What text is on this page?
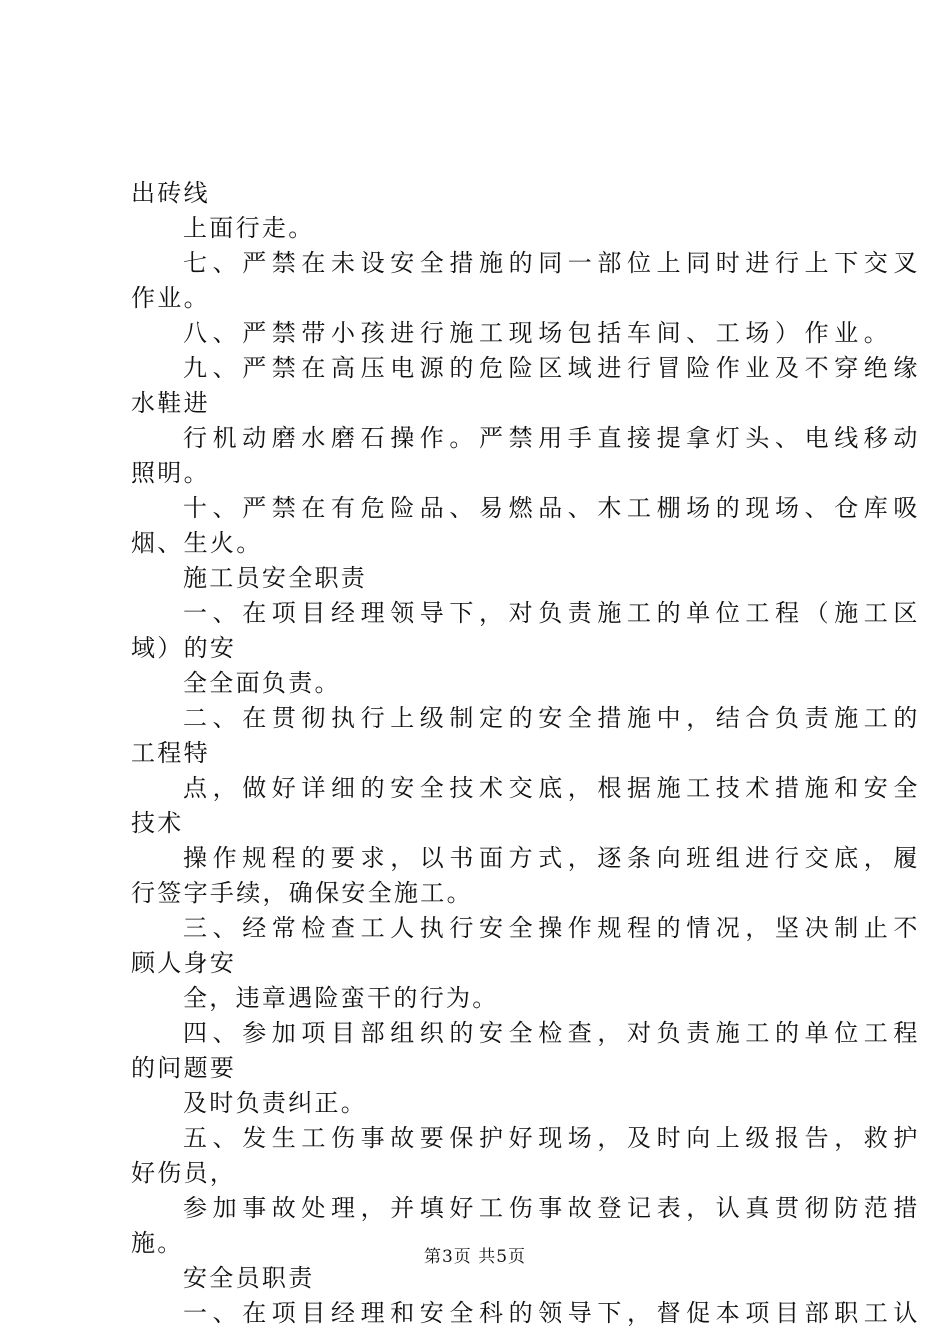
出砖线
上面行走。
七、严禁在未设安全措施的同一部位上同时进行上下交叉
作业。
八、严禁带小孩进行施工现场包括车间、工场）作业。
九、严禁在高压电源的危险区域进行冒险作业及不穿绝缘
水鞋进
行机动磨水磨石操作。严禁用手直接提拿灯头、电线移动
照明。
十、严禁在有危险品、易燃品、木工棚场的现场、仓库吸
烟、生火。
施工员安全职责
一、在项目经理领导下，对负责施工的单位工程（施工区
域）的安
全全面负责。
二、在贯彻执行上级制定的安全措施中，结合负责施工的
工程特
点，做好详细的安全技术交底，根据施工技术措施和安全
技术
操作规程的要求，以书面方式，逐条向班组进行交底，履
行签字手续，确保安全施工。
三、经常检查工人执行安全操作规程的情况，坚决制止不
顾人身安
全，违章遇险蛮干的行为。
四、参加项目部组织的安全检查，对负责施工的单位工程
的问题要
及时负责纠正。
五、发生工伤事故要保护好现场，及时向上级报告，救护
好伤员，
参加事故处理，并填好工伤事故登记表，认真贯彻防范措
施。
安全员职责
一、在项目经理和安全科的领导下，督促本项目部职工认
第3页 共5页
